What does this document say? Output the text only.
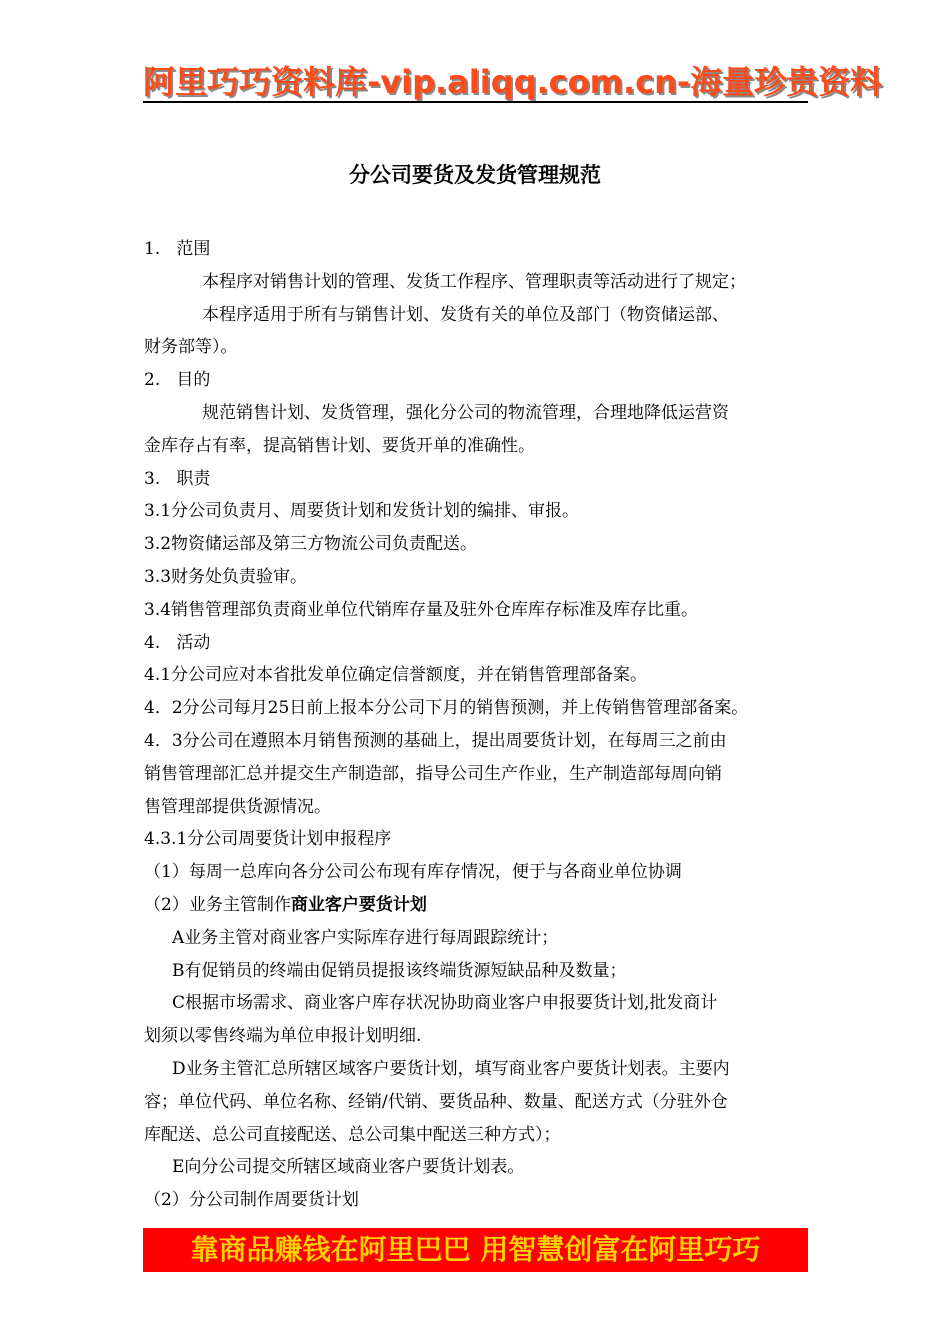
阿里巧巧资料库-vip.aliqq.com.cn-海量珍贵资料
分公司要货及发货管理规范
1.   范围
本程序对销售计划的管理、发货工作程序、管理职责等活动进行了规定；
本程序适用于所有与销售计划、发货有关的单位及部门（物资储运部、
财务部等）。
2.   目的
规范销售计划、发货管理，强化分公司的物流管理，合理地降低运营资
金库存占有率，提高销售计划、要货开单的准确性。
3.   职责
3.1分公司负责月、周要货计划和发货计划的编排、审报。
3.2物资储运部及第三方物流公司负责配送。
3.3财务处负责验审。
3.4销售管理部负责商业单位代销库存量及驻外仓库库存标准及库存比重。
4.   活动
4.1分公司应对本省批发单位确定信誉额度，并在销售管理部备案。
4．2分公司每月25日前上报本分公司下月的销售预测，并上传销售管理部备案。
4．3分公司在遵照本月销售预测的基础上，提出周要货计划，在每周三之前由
销售管理部汇总并提交生产制造部，指导公司生产作业，生产制造部每周向销
售管理部提供货源情况。
4.3.1分公司周要货计划申报程序
（1）每周一总库向各分公司公布现有库存情况，便于与各商业单位协调
（2）业务主管制作商业客户要货计划
A业务主管对商业客户实际库存进行每周跟踪统计；
B有促销员的终端由促销员提报该终端货源短缺品种及数量；
C根据市场需求、商业客户库存状况协助商业客户申报要货计划,批发商计
划须以零售终端为单位申报计划明细.
D业务主管汇总所辖区域客户要货计划，填写商业客户要货计划表。主要内
容；单位代码、单位名称、经销/代销、要货品种、数量、配送方式（分驻外仓
库配送、总公司直接配送、总公司集中配送三种方式）；
E向分公司提交所辖区域商业客户要货计划表。
（2）分公司制作周要货计划
靠商品赚钱在阿里巴巴 用智慧创富在阿里巧巧
